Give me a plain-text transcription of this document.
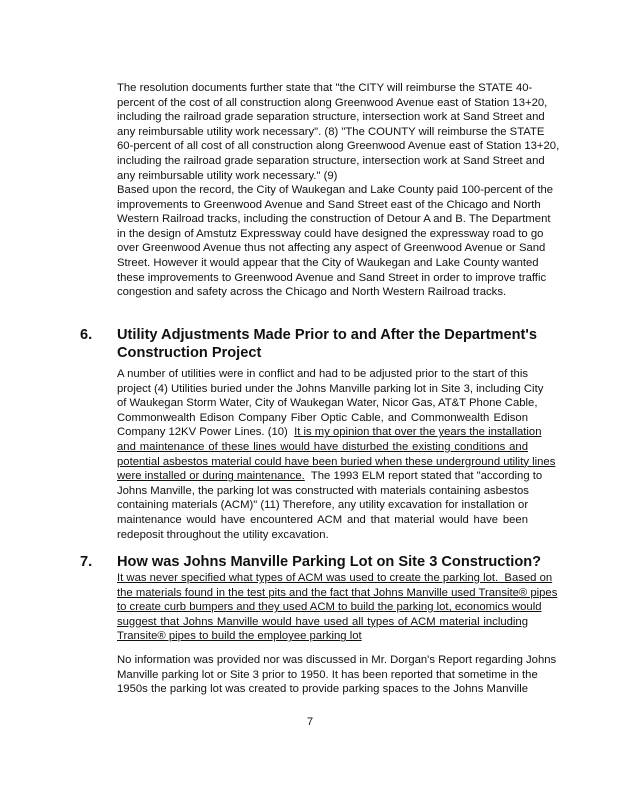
The resolution documents further state that "the CITY will reimburse the STATE 40-
percent of the cost of all construction along Greenwood Avenue east of Station 13+20,
including the railroad grade separation structure, intersection work at Sand Street and
any reimbursable utility work necessary". (8) "The COUNTY will reimburse the STATE
60-percent of all cost of all construction along Greenwood Avenue east of Station 13+20,
including the railroad grade separation structure, intersection work at Sand Street and
any reimbursable utility work necessary." (9)
Based upon the record, the City of Waukegan and Lake County paid 100-percent of the
improvements to Greenwood Avenue and Sand Street east of the Chicago and North
Western Railroad tracks, including the construction of Detour A and B. The Department
in the design of Amstutz Expressway could have designed the expressway road to go
over Greenwood Avenue thus not affecting any aspect of Greenwood Avenue or Sand
Street. However it would appear that the City of Waukegan and Lake County wanted
these improvements to Greenwood Avenue and Sand Street in order to improve traffic
congestion and safety across the Chicago and North Western Railroad tracks.
6. Utility Adjustments Made Prior to and After the Department's
Construction Project
A number of utilities were in conflict and had to be adjusted prior to the start of this
project (4) Utilities buried under the Johns Manville parking lot in Site 3, including City
of Waukegan Storm Water, City of Waukegan Water, Nicor Gas, AT&T Phone Cable,
Commonwealth Edison Company Fiber Optic Cable, and Commonwealth Edison
Company 12KV Power Lines. (10)  It is my opinion that over the years the installation
and maintenance of these lines would have disturbed the existing conditions and
potential asbestos material could have been buried when these underground utility lines
were installed or during maintenance.  The 1993 ELM report stated that "according to
Johns Manville, the parking lot was constructed with materials containing asbestos
containing materials (ACM)" (11) Therefore, any utility excavation for installation or
maintenance would have encountered ACM and that material would have been
redeposit throughout the utility excavation.
7. How was Johns Manville Parking Lot on Site 3 Construction?
It was never specified what types of ACM was used to create the parking lot.  Based on
the materials found in the test pits and the fact that Johns Manville used Transite® pipes
to create curb bumpers and they used ACM to build the parking lot, economics would
suggest that Johns Manville would have used all types of ACM material including
Transite® pipes to build the employee parking lot
No information was provided nor was discussed in Mr. Dorgan's Report regarding Johns
Manville parking lot or Site 3 prior to 1950. It has been reported that sometime in the
1950s the parking lot was created to provide parking spaces to the Johns Manville
7
